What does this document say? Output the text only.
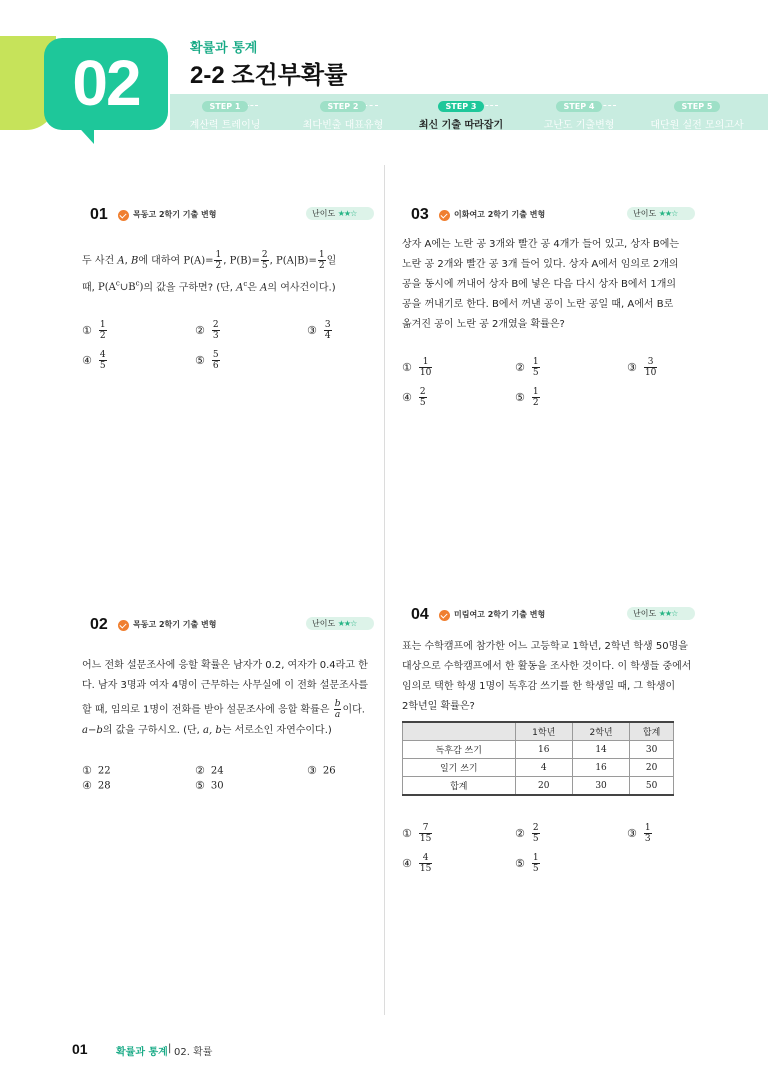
02	확률과 통계
2-2 조건부확률
STEP 1
계산력 트레이닝
STEP 2
최다빈출 대표유형
STEP 3
최신 기출 따라잡기
STEP 4
고난도 기출변형
STEP 5
대단원 실전 모의고사
01	목동고 2학기 기출 변형	난이도 ★★☆
두 사건 A, B에 대하여 $P(A)= \frac{1}{2}$ , $P(B)= \frac{2}{5}$ , $P(A|B)= \frac{1}{2}$ 일
때, $P(A^c\cup B^c)$의 값을 구하면? (단, $A^c$은 A의 여사건이다.)
① $\frac{1}{2}$	② $\frac{2}{3}$	③ $\frac{3}{4}$
④ $\frac{4}{5}$	⑤ $\frac{5}{6}$
02	목동고 2학기 기출 변형	난이도 ★★☆
어느 전화 설문조사에 응할 확률은 남자가 0.2, 여자가 0.4라고 한
다. 남자 3명과 여자 4명이 근무하는 사무실에 이 전화 설문조사를
할 때, 임의로 1명이 전화를 받아 설문조사에 응할 확률은 $\frac{b}{a}$ 이다.
a−b의 값을 구하시오. (단, a, b는 서로소인 자연수이다.)
① 22	② 24	③ 26
④ 28	⑤ 30
03	이화여고 2학기 기출 변형	난이도 ★★☆
상자 A에는 노란 공 3개와 빨간 공 4개가 들어 있고, 상자 B에는
노란 공 2개와 빨간 공 3개 들어 있다. 상자 A에서 임의로 2개의
공을 동시에 꺼내어 상자 B에 넣은 다음 다시 상자 B에서 1개의
공을 꺼내기로 한다. B에서 꺼낸 공이 노란 공일 때, A에서 B로
옮겨진 공이 노란 공 2개였을 확률은?
① $\frac{1}{10}$	② $\frac{1}{5}$	③ $\frac{3}{10}$
④ $\frac{2}{5}$	⑤ $\frac{1}{2}$
04	미림여고 2학기 기출 변형	난이도 ★★☆
표는 수학캠프에 참가한 어느 고등학교 1학년, 2학년 학생 50명을
대상으로 수학캠프에서 한 활동을 조사한 것이다. 이 학생들 중에서
임의로 택한 학생 1명이 독후감 쓰기를 한 학생일 때, 그 학생이
2학년일 확률은?
	1학년	2학년	합계
독후감 쓰기	16	14	30
일기 쓰기	4	16	20
합계	20	30	50
① $\frac{7}{15}$	② $\frac{2}{5}$	③ $\frac{1}{3}$
④ $\frac{4}{15}$	⑤ $\frac{1}{5}$
01	확률과 통계 | 02. 확률
